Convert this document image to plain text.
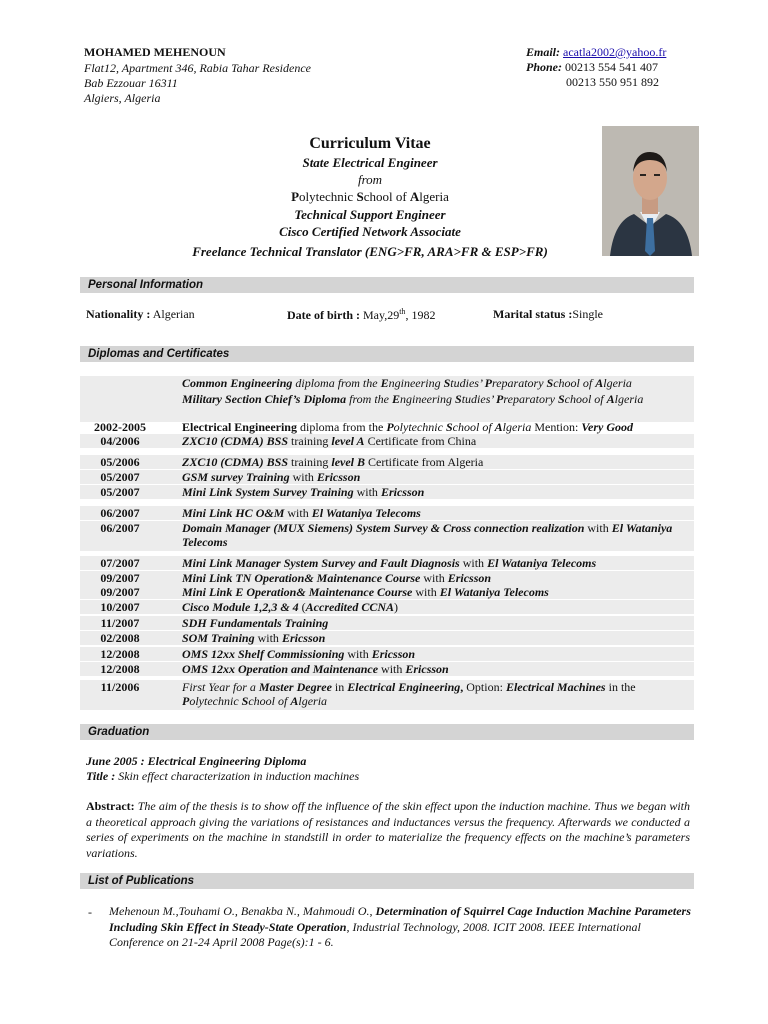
MOHAMED MEHENOUN
Flat12, Apartment 346, Rabia Tahar Residence
Bab Ezzouar 16311
Algiers, Algeria
Email: acatla2002@yahoo.fr
Phone: 00213 554 541 407
00213 550 951 892
Curriculum Vitae
State Electrical Engineer
from
Polytechnic School of Algeria
Technical Support Engineer
Cisco Certified Network Associate
Freelance Technical Translator (ENG>FR, ARA>FR & ESP>FR)
Personal Information
Nationality : Algerian	Date of birth : May,29th, 1982	Marital status :Single
Diplomas and Certificates
Common Engineering diploma from the Engineering Studies’ Preparatory School of Algeria
Military Section Chief’s Diploma from the Engineering Studies’ Preparatory School of Algeria
2002-2005	Electrical Engineering diploma from the Polytechnic School of Algeria Mention: Very Good
04/2006	ZXC10 (CDMA) BSS training level A Certificate from China
05/2006	ZXC10 (CDMA) BSS training level B Certificate from Algeria
05/2007	GSM survey Training with Ericsson
05/2007	Mini Link System Survey Training with Ericsson
06/2007	Mini Link HC O&M with El Wataniya Telecoms
06/2007	Domain Manager (MUX Siemens) System Survey & Cross connection realization with El Wataniya Telecoms
07/2007	Mini Link Manager System Survey and Fault Diagnosis with El Wataniya Telecoms
09/2007	Mini Link TN Operation& Maintenance Course with Ericsson
09/2007	Mini Link E Operation& Maintenance Course with El Wataniya Telecoms
10/2007	Cisco Module 1,2,3 & 4 (Accredited CCNA)
11/2007	SDH Fundamentals Training
02/2008	SOM Training with Ericsson
12/2008	OMS 12xx Shelf Commissioning with Ericsson
12/2008	OMS 12xx Operation and Maintenance with Ericsson
11/2006	First Year for a Master Degree in Electrical Engineering, Option: Electrical Machines in the Polytechnic School of Algeria
Graduation
June 2005 : Electrical Engineering Diploma
Title : Skin effect characterization in induction machines
Abstract: The aim of the thesis is to show off the influence of the skin effect upon the induction machine. Thus we began with a theoretical approach giving the variations of resistances and inductances versus the frequency. Afterwards we conducted a series of experiments on the machine in standstill in order to materialize the frequency effects on the machine’s parameters variations.
List of Publications
- Mehenoun M.,Touhami O., Benakba N., Mahmoudi O., Determination of Squirrel Cage Induction Machine Parameters Including Skin Effect in Steady-State Operation, Industrial Technology, 2008. ICIT 2008. IEEE International Conference on 21-24 April 2008 Page(s):1 - 6.
